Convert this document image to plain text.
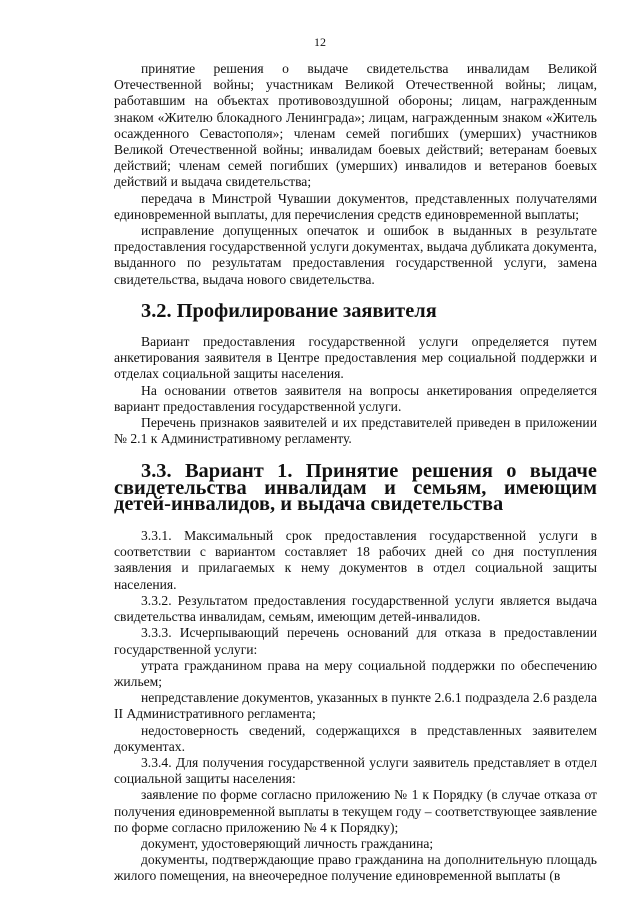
12

принятие решения о выдаче свидетельства инвалидам Великой Отечественной войны; участникам Великой Отечественной войны; лицам, работавшим на объектах противовоздушной обороны; лицам, награжденным знаком «Жителю блокадного Ленинграда»; лицам, награжденным знаком «Житель осажденного Севастополя»; членам семей погибших (умерших) участников Великой Отечественной войны; инвалидам боевых действий; ветеранам боевых действий; членам семей погибших (умерших) инвалидов и ветеранов боевых действий и выдача свидетельства;

передача в Минстрой Чувашии документов, представленных получателями единовременной выплаты, для перечисления средств единовременной выплаты;

исправление допущенных опечаток и ошибок в выданных в результате предоставления государственной услуги документах, выдача дубликата документа, выданного по результатам предоставления государственной услуги, замена свидетельства, выдача нового свидетельства.

3.2. Профилирование заявителя

Вариант предоставления государственной услуги определяется путем анкетирования заявителя в Центре предоставления мер социальной поддержки и отделах социальной защиты населения.

На основании ответов заявителя на вопросы анкетирования определяется вариант предоставления государственной услуги.

Перечень признаков заявителей и их представителей приведен в приложении № 2.1 к Административному регламенту.

3.3. Вариант 1. Принятие решения о выдаче свидетельства инвалидам и семьям, имеющим детей-инвалидов, и выдача свидетельства

3.3.1. Максимальный срок предоставления государственной услуги в соответствии с вариантом составляет 18 рабочих дней со дня поступления заявления и прилагаемых к нему документов в отдел социальной защиты населения.

3.3.2. Результатом предоставления государственной услуги является выдача свидетельства инвалидам, семьям, имеющим детей-инвалидов.

3.3.3. Исчерпывающий перечень оснований для отказа в предоставлении государственной услуги:

утрата гражданином права на меру социальной поддержки по обеспечению жильем;

непредставление документов, указанных в пункте 2.6.1 подраздела 2.6 раздела II Административного регламента;

недостоверность сведений, содержащихся в представленных заявителем документах.

3.3.4. Для получения государственной услуги заявитель представляет в отдел социальной защиты населения:

заявление по форме согласно приложению № 1 к Порядку (в случае отказа от получения единовременной выплаты в текущем году – соответствующее заявление по форме согласно приложению № 4 к Порядку);

документ, удостоверяющий личность гражданина;

документы, подтверждающие право гражданина на дополнительную площадь жилого помещения, на внеочередное получение единовременной выплаты (в
